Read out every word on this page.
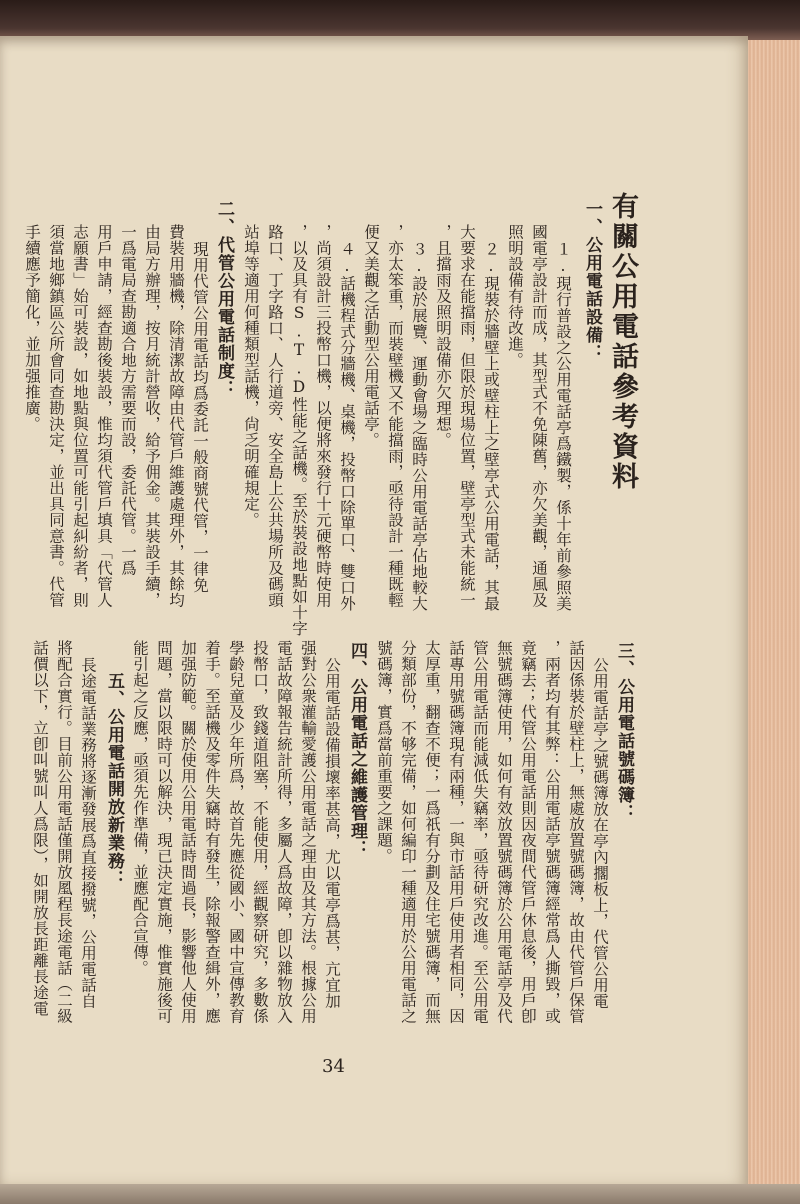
有關公用電話參考資料
一、公用電話設備：
１.現行普設之公用電話亭爲鐵製，係十年前參照美
國電亭設計而成，其型式不免陳舊，亦欠美觀，通風及
照明設備有待改進。
２.現裝於牆壁上或壁柱上之壁亭式公用電話，其最
大要求在能擋雨，但限於現場位置，壁亭型式未能統一
，且擋雨及照明設備亦欠理想。
３.設於展覽、運動會場之臨時公用電話亭佔地較大
，亦太笨重，而裝壁機又不能擋雨，亟待設計一種既輕
便又美觀之活動型公用電話亭。
４.話機程式分牆機、桌機，投幣口除單口、雙口外
，尚須設計三投幣口機，以便將來發行十元硬幣時使用
，以及具有S.T.D性能之話機。至於裝設地點如十字
路口、丁字路口、人行道旁、安全島上公共場所及碼頭
站埠等適用何種類型話機，尙乏明確規定。
二、代管公用電話制度：
現用代管公用電話均爲委託一般商號代管，一律免
費裝用牆機，除清潔故障由代管戶維護處理外，其餘均
由局方辦理，按月統計營收，給予佣金。其裝設手續，
一爲電局查勘適合地方需要而設，委託代管。一爲
用戶申請，經查勘後裝設，惟均須代管戶填具「代管人
志願書」始可裝設，如地點與位置可能引起糾紛者，則
須當地鄉鎮區公所會同查勘決定，並出具同意書。代管
手續應予簡化，並加强推廣。
三、公用電話號碼簿：
公用電話亭之號碼簿放在亭內擱板上，代管公用電
話因係裝於壁柱上，無處放置號碼簿，故由代管戶保管
，兩者均有其弊：公用電話亭號碼簿經常爲人撕毀，或
竟竊去；代管公用電話則因夜間代管戶休息後，用戶卽
無號碼簿使用，如何有效放置號碼簿於公用電話亭及代
管公用電話而能減低失竊率，亟待研究改進。至公用電
話專用號碼簿現有兩種，一與市話用戶使用者相同，因
太厚重，翻查不便；一爲祇有分劃及住宅號碼簿，而無
分類部份，不够完備，如何編印一種適用於公用電話之
號碼簿，實爲當前重要之課題。
四、公用電話之維護管理：
公用電話設備損壞率甚高，尤以電亭爲甚，亢宜加
强對公衆灌輸愛護公用電話之理由及其方法。根據公用
電話故障報告統計所得，多屬人爲故障，卽以雜物放入
投幣口，致錢道阻塞，不能使用，經觀察研究，多數係
學齡兒童及少年所爲，故首先應從國小、國中宣傳教育
着手。至話機及零件失竊時有發生，除報警查緝外，應
加强防範。關於使用公用電話時間過長，影響他人使用
問題，當以限時可以解決，現已決定實施，惟實施後可
能引起之反應，亟須先作準備，並應配合宣傳。
五、公用電話開放新業務：
長途電話業務將逐漸發展爲直接撥號，公用電話自
將配合實行。目前公用電話僅開放㓘程長途電話（二級
話價以下，立卽叫號叫人爲限），如開放長距離長途電
34
